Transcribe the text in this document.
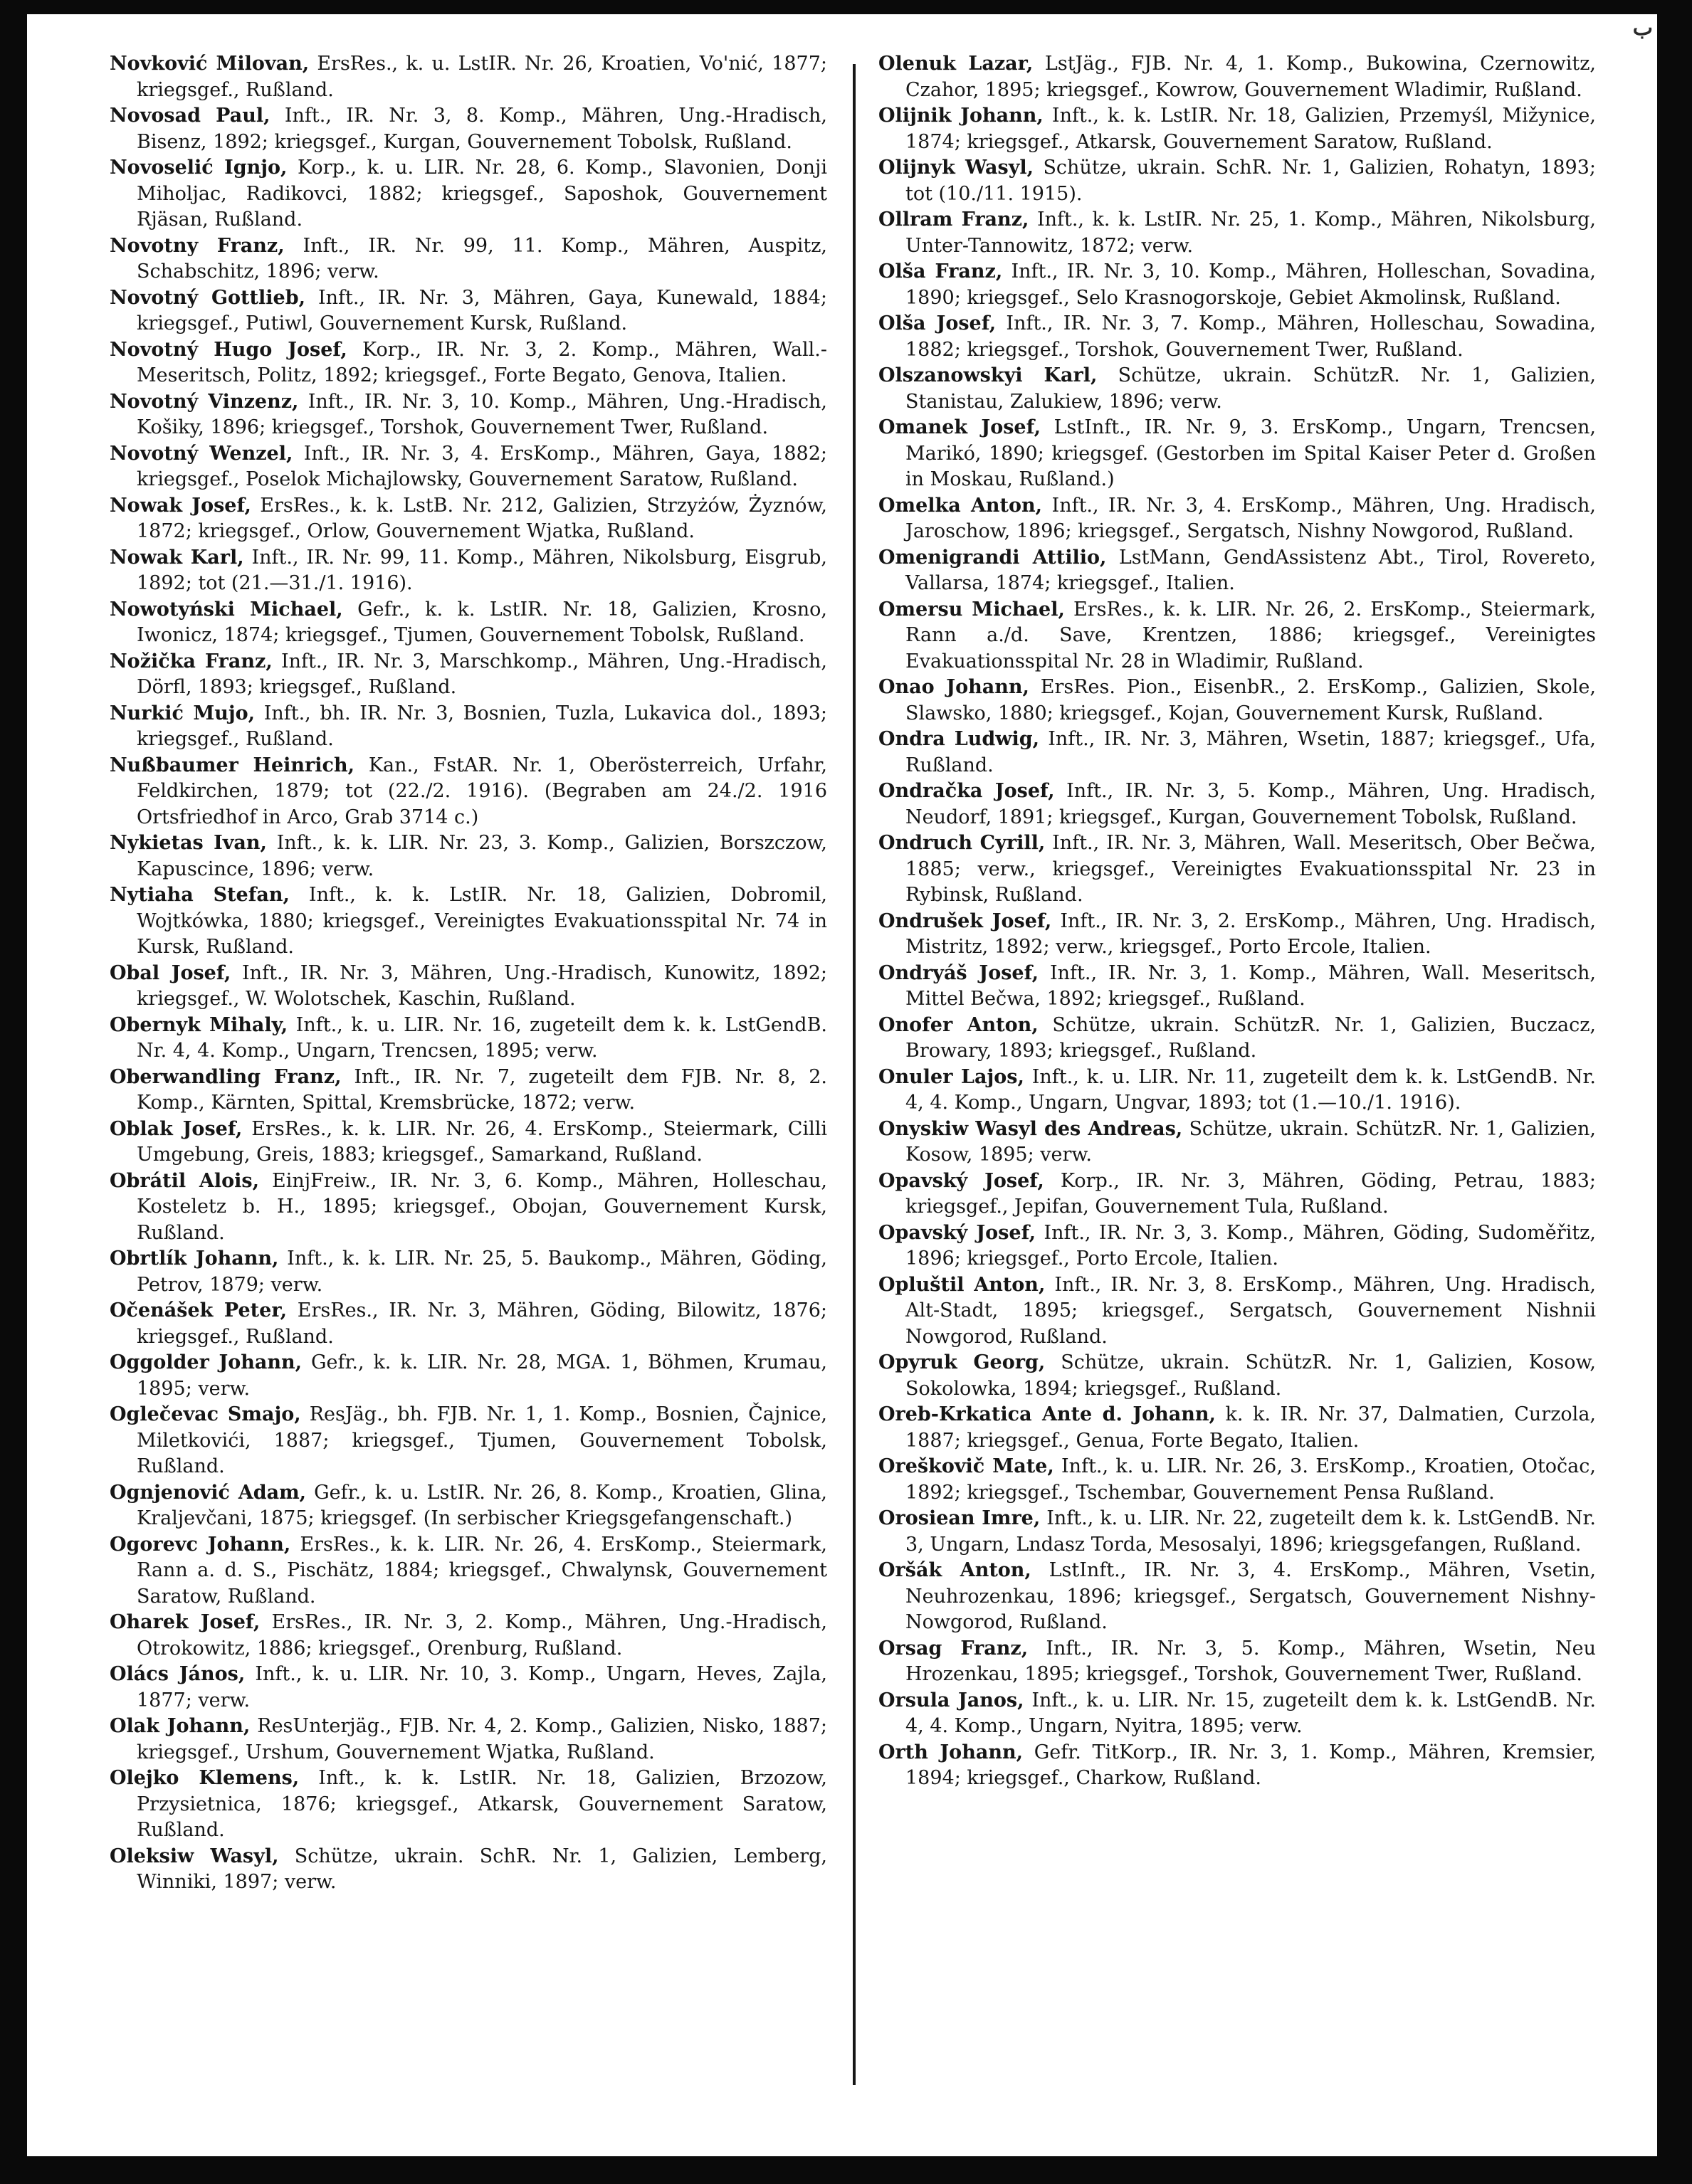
ب

Novković Milovan, ErsRes., k. u. LstIR. Nr. 26, Kroatien, Vo'nić, 1877; kriegsgef., Rußland.

Novosad Paul, Inft., IR. Nr. 3, 8. Komp., Mähren, Ung.-Hradisch, Bisenz, 1892; kriegsgef., Kurgan, Gouvernement Tobolsk, Rußland.

Novoselić Ignjo, Korp., k. u. LIR. Nr. 28, 6. Komp., Slavonien, Donji Miholjac, Radikovci, 1882; kriegsgef., Saposhok, Gouvernement Rjäsan, Rußland.

Novotny Franz, Inft., IR. Nr. 99, 11. Komp., Mähren, Auspitz, Schabschitz, 1896; verw.

Novotný Gottlieb, Inft., IR. Nr. 3, Mähren, Gaya, Kunewald, 1884; kriegsgef., Putiwl, Gouvernement Kursk, Rußland.

Novotný Hugo Josef, Korp., IR. Nr. 3, 2. Komp., Mähren, Wall.-Meseritsch, Politz, 1892; kriegsgef., Forte Begato, Genova, Italien.

Novotný Vinzenz, Inft., IR. Nr. 3, 10. Komp., Mähren, Ung.-Hradisch, Košiky, 1896; kriegsgef., Torshok, Gouvernement Twer, Rußland.

Novotný Wenzel, Inft., IR. Nr. 3, 4. ErsKomp., Mähren, Gaya, 1882; kriegsgef., Poselok Michajlowsky, Gouvernement Saratow, Rußland.

Nowak Josef, ErsRes., k. k. LstB. Nr. 212, Galizien, Strzyżów, Żyznów, 1872; kriegsgef., Orlow, Gouvernement Wjatka, Rußland.

Nowak Karl, Inft., IR. Nr. 99, 11. Komp., Mähren, Nikolsburg, Eisgrub, 1892; tot (21.—31./1. 1916).

Nowotyński Michael, Gefr., k. k. LstIR. Nr. 18, Galizien, Krosno, Iwonicz, 1874; kriegsgef., Tjumen, Gouvernement Tobolsk, Rußland.

Nožička Franz, Inft., IR. Nr. 3, Marschkomp., Mähren, Ung.-Hradisch, Dörfl, 1893; kriegsgef., Rußland.

Nurkić Mujo, Inft., bh. IR. Nr. 3, Bosnien, Tuzla, Lukavica dol., 1893; kriegsgef., Rußland.

Nußbaumer Heinrich, Kan., FstAR. Nr. 1, Oberösterreich, Urfahr, Feldkirchen, 1879; tot (22./2. 1916). (Begraben am 24./2. 1916 Ortsfriedhof in Arco, Grab 3714 c.)

Nykietas Ivan, Inft., k. k. LIR. Nr. 23, 3. Komp., Galizien, Borszczow, Kapuscince, 1896; verw.

Nytiaha Stefan, Inft., k. k. LstIR. Nr. 18, Galizien, Dobromil, Wojtkówka, 1880; kriegsgef., Vereinigtes Evakuationsspital Nr. 74 in Kursk, Rußland.

Obal Josef, Inft., IR. Nr. 3, Mähren, Ung.-Hradisch, Kunowitz, 1892; kriegsgef., W. Wolotschek, Kaschin, Rußland.

Obernyk Mihaly, Inft., k. u. LIR. Nr. 16, zugeteilt dem k. k. LstGendB. Nr. 4, 4. Komp., Ungarn, Trencsen, 1895; verw.

Oberwandling Franz, Inft., IR. Nr. 7, zugeteilt dem FJB. Nr. 8, 2. Komp., Kärnten, Spittal, Kremsbrücke, 1872; verw.

Oblak Josef, ErsRes., k. k. LIR. Nr. 26, 4. ErsKomp., Steiermark, Cilli Umgebung, Greis, 1883; kriegsgef., Samarkand, Rußland.

Obrátil Alois, EinjFreiw., IR. Nr. 3, 6. Komp., Mähren, Holleschau, Kosteletz b. H., 1895; kriegsgef., Obojan, Gouvernement Kursk, Rußland.

Obrtlík Johann, Inft., k. k. LIR. Nr. 25, 5. Baukomp., Mähren, Göding, Petrov, 1879; verw.

Očenášek Peter, ErsRes., IR. Nr. 3, Mähren, Göding, Bilowitz, 1876; kriegsgef., Rußland.

Oggolder Johann, Gefr., k. k. LIR. Nr. 28, MGA. 1, Böhmen, Krumau, 1895; verw.

Oglečevac Smajo, ResJäg., bh. FJB. Nr. 1, 1. Komp., Bosnien, Čajnice, Miletkovići, 1887; kriegsgef., Tjumen, Gouvernement Tobolsk, Rußland.

Ognjenović Adam, Gefr., k. u. LstIR. Nr. 26, 8. Komp., Kroatien, Glina, Kraljevčani, 1875; kriegsgef. (In serbischer Kriegsgefangenschaft.)

Ogorevc Johann, ErsRes., k. k. LIR. Nr. 26, 4. ErsKomp., Steiermark, Rann a. d. S., Pischätz, 1884; kriegsgef., Chwalynsk, Gouvernement Saratow, Rußland.

Oharek Josef, ErsRes., IR. Nr. 3, 2. Komp., Mähren, Ung.-Hradisch, Otrokowitz, 1886; kriegsgef., Orenburg, Rußland.

Olács János, Inft., k. u. LIR. Nr. 10, 3. Komp., Ungarn, Heves, Zajla, 1877; verw.

Olak Johann, ResUnterjäg., FJB. Nr. 4, 2. Komp., Galizien, Nisko, 1887; kriegsgef., Urshum, Gouvernement Wjatka, Rußland.

Olejko Klemens, Inft., k. k. LstIR. Nr. 18, Galizien, Brzozow, Przysietnica, 1876; kriegsgef., Atkarsk, Gouvernement Saratow, Rußland.

Oleksiw Wasyl, Schütze, ukrain. SchR. Nr. 1, Galizien, Lemberg, Winniki, 1897; verw.

Olenuk Lazar, LstJäg., FJB. Nr. 4, 1. Komp., Bukowina, Czernowitz, Czahor, 1895; kriegsgef., Kowrow, Gouvernement Wladimir, Rußland.

Olijnik Johann, Inft., k. k. LstIR. Nr. 18, Galizien, Przemyśl, Mižynice, 1874; kriegsgef., Atkarsk, Gouvernement Saratow, Rußland.

Olijnyk Wasyl, Schütze, ukrain. SchR. Nr. 1, Galizien, Rohatyn, 1893; tot (10./11. 1915).

Ollram Franz, Inft., k. k. LstIR. Nr. 25, 1. Komp., Mähren, Nikolsburg, Unter-Tannowitz, 1872; verw.

Olša Franz, Inft., IR. Nr. 3, 10. Komp., Mähren, Holleschan, Sovadina, 1890; kriegsgef., Selo Krasnogorskoje, Gebiet Akmolinsk, Rußland.

Olša Josef, Inft., IR. Nr. 3, 7. Komp., Mähren, Holleschau, Sowadina, 1882; kriegsgef., Torshok, Gouvernement Twer, Rußland.

Olszanowskyi Karl, Schütze, ukrain. SchützR. Nr. 1, Galizien, Stanistau, Zalukiew, 1896; verw.

Omanek Josef, LstInft., IR. Nr. 9, 3. ErsKomp., Ungarn, Trencsen, Marikó, 1890; kriegsgef. (Gestorben im Spital Kaiser Peter d. Großen in Moskau, Rußland.)

Omelka Anton, Inft., IR. Nr. 3, 4. ErsKomp., Mähren, Ung. Hradisch, Jaroschow, 1896; kriegsgef., Sergatsch, Nishny Nowgorod, Rußland.

Omenigrandi Attilio, LstMann, GendAssistenz Abt., Tirol, Rovereto, Vallarsa, 1874; kriegsgef., Italien.

Omersu Michael, ErsRes., k. k. LIR. Nr. 26, 2. ErsKomp., Steiermark, Rann a./d. Save, Krentzen, 1886; kriegsgef., Vereinigtes Evakuationsspital Nr. 28 in Wladimir, Rußland.

Onao Johann, ErsRes. Pion., EisenbR., 2. ErsKomp., Galizien, Skole, Slawsko, 1880; kriegsgef., Kojan, Gouvernement Kursk, Rußland.

Ondra Ludwig, Inft., IR. Nr. 3, Mähren, Wsetin, 1887; kriegsgef., Ufa, Rußland.

Ondračka Josef, Inft., IR. Nr. 3, 5. Komp., Mähren, Ung. Hradisch, Neudorf, 1891; kriegsgef., Kurgan, Gouvernement Tobolsk, Rußland.

Ondruch Cyrill, Inft., IR. Nr. 3, Mähren, Wall. Meseritsch, Ober Bečwa, 1885; verw., kriegsgef., Vereinigtes Evakuationsspital Nr. 23 in Rybinsk, Rußland.

Ondrušek Josef, Inft., IR. Nr. 3, 2. ErsKomp., Mähren, Ung. Hradisch, Mistritz, 1892; verw., kriegsgef., Porto Ercole, Italien.

Ondryáš Josef, Inft., IR. Nr. 3, 1. Komp., Mähren, Wall. Meseritsch, Mittel Bečwa, 1892; kriegsgef., Rußland.

Onofer Anton, Schütze, ukrain. SchützR. Nr. 1, Galizien, Buczacz, Browary, 1893; kriegsgef., Rußland.

Onuler Lajos, Inft., k. u. LIR. Nr. 11, zugeteilt dem k. k. LstGendB. Nr. 4, 4. Komp., Ungarn, Ungvar, 1893; tot (1.—10./1. 1916).

Onyskiw Wasyl des Andreas, Schütze, ukrain. SchützR. Nr. 1, Galizien, Kosow, 1895; verw.

Opavský Josef, Korp., IR. Nr. 3, Mähren, Göding, Petrau, 1883; kriegsgef., Jepifan, Gouvernement Tula, Rußland.

Opavský Josef, Inft., IR. Nr. 3, 3. Komp., Mähren, Göding, Sudoměřitz, 1896; kriegsgef., Porto Ercole, Italien.

Opluštil Anton, Inft., IR. Nr. 3, 8. ErsKomp., Mähren, Ung. Hradisch, Alt-Stadt, 1895; kriegsgef., Sergatsch, Gouvernement Nishnii Nowgorod, Rußland.

Opyruk Georg, Schütze, ukrain. SchützR. Nr. 1, Galizien, Kosow, Sokolowka, 1894; kriegsgef., Rußland.

Oreb-Krkatica Ante d. Johann, k. k. IR. Nr. 37, Dalmatien, Curzola, 1887; kriegsgef., Genua, Forte Begato, Italien.

Oreškovič Mate, Inft., k. u. LIR. Nr. 26, 3. ErsKomp., Kroatien, Otočac, 1892; kriegsgef., Tschembar, Gouvernement Pensa Rußland.

Orosiean Imre, Inft., k. u. LIR. Nr. 22, zugeteilt dem k. k. LstGendB. Nr. 3, Ungarn, Lndasz Torda, Mesosalyi, 1896; kriegsgefangen, Rußland.

Oršák Anton, LstInft., IR. Nr. 3, 4. ErsKomp., Mähren, Vsetin, Neuhrozenkau, 1896; kriegsgef., Sergatsch, Gouvernement Nishny-Nowgorod, Rußland.

Orsag Franz, Inft., IR. Nr. 3, 5. Komp., Mähren, Wsetin, Neu Hrozenkau, 1895; kriegsgef., Torshok, Gouvernement Twer, Rußland.

Orsula Janos, Inft., k. u. LIR. Nr. 15, zugeteilt dem k. k. LstGendB. Nr. 4, 4. Komp., Ungarn, Nyitra, 1895; verw.

Orth Johann, Gefr. TitKorp., IR. Nr. 3, 1. Komp., Mähren, Kremsier, 1894; kriegsgef., Charkow, Rußland.
